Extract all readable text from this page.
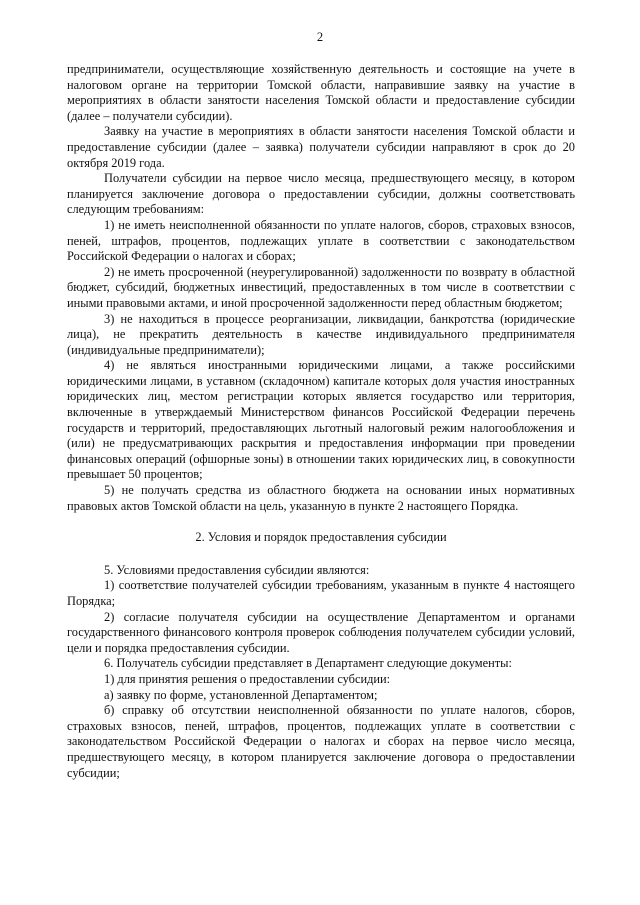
2

предприниматели, осуществляющие хозяйственную деятельность и состоящие на учете в налоговом органе на территории Томской области, направившие заявку на участие в мероприятиях в области занятости населения Томской области и предоставление субсидии (далее – получатели субсидии).

Заявку на участие в мероприятиях в области занятости населения Томской области и предоставление субсидии (далее – заявка) получатели субсидии направляют в срок до 20 октября 2019 года.

Получатели субсидии на первое число месяца, предшествующего месяцу, в котором планируется заключение договора о предоставлении субсидии, должны соответствовать следующим требованиям:

1) не иметь неисполненной обязанности по уплате налогов, сборов, страховых взносов, пеней, штрафов, процентов, подлежащих уплате в соответствии с законодательством Российской Федерации о налогах и сборах;

2) не иметь просроченной (неурегулированной) задолженности по возврату в областной бюджет, субсидий, бюджетных инвестиций, предоставленных в том числе в соответствии с иными правовыми актами, и иной просроченной задолженности перед областным бюджетом;

3) не находиться в процессе реорганизации, ликвидации, банкротства (юридические лица), не прекратить деятельность в качестве индивидуального предпринимателя (индивидуальные предприниматели);

4) не являться иностранными юридическими лицами, а также российскими юридическими лицами, в уставном (складочном) капитале которых доля участия иностранных юридических лиц, местом регистрации которых является государство или территория, включенные в утверждаемый Министерством финансов Российской Федерации перечень государств и территорий, предоставляющих льготный налоговый режим налогообложения и (или) не предусматривающих раскрытия и предоставления информации при проведении финансовых операций (офшорные зоны) в отношении таких юридических лиц, в совокупности превышает 50 процентов;

5) не получать средства из областного бюджета на основании иных нормативных правовых актов Томской области на цель, указанную в пункте 2 настоящего Порядка.

2. Условия и порядок предоставления субсидии

5. Условиями предоставления субсидии являются:

1) соответствие получателей субсидии требованиям, указанным в пункте 4 настоящего Порядка;

2) согласие получателя субсидии на осуществление Департаментом и органами государственного финансового контроля проверок соблюдения получателем субсидии условий, цели и порядка предоставления субсидии.

6. Получатель субсидии представляет в Департамент следующие документы:

1) для принятия решения о предоставлении субсидии:

а) заявку по форме, установленной Департаментом;

б) справку об отсутствии неисполненной обязанности по уплате налогов, сборов, страховых взносов, пеней, штрафов, процентов, подлежащих уплате в соответствии с законодательством Российской Федерации о налогах и сборах на первое число месяца, предшествующего месяцу, в котором планируется заключение договора о предоставлении субсидии;
